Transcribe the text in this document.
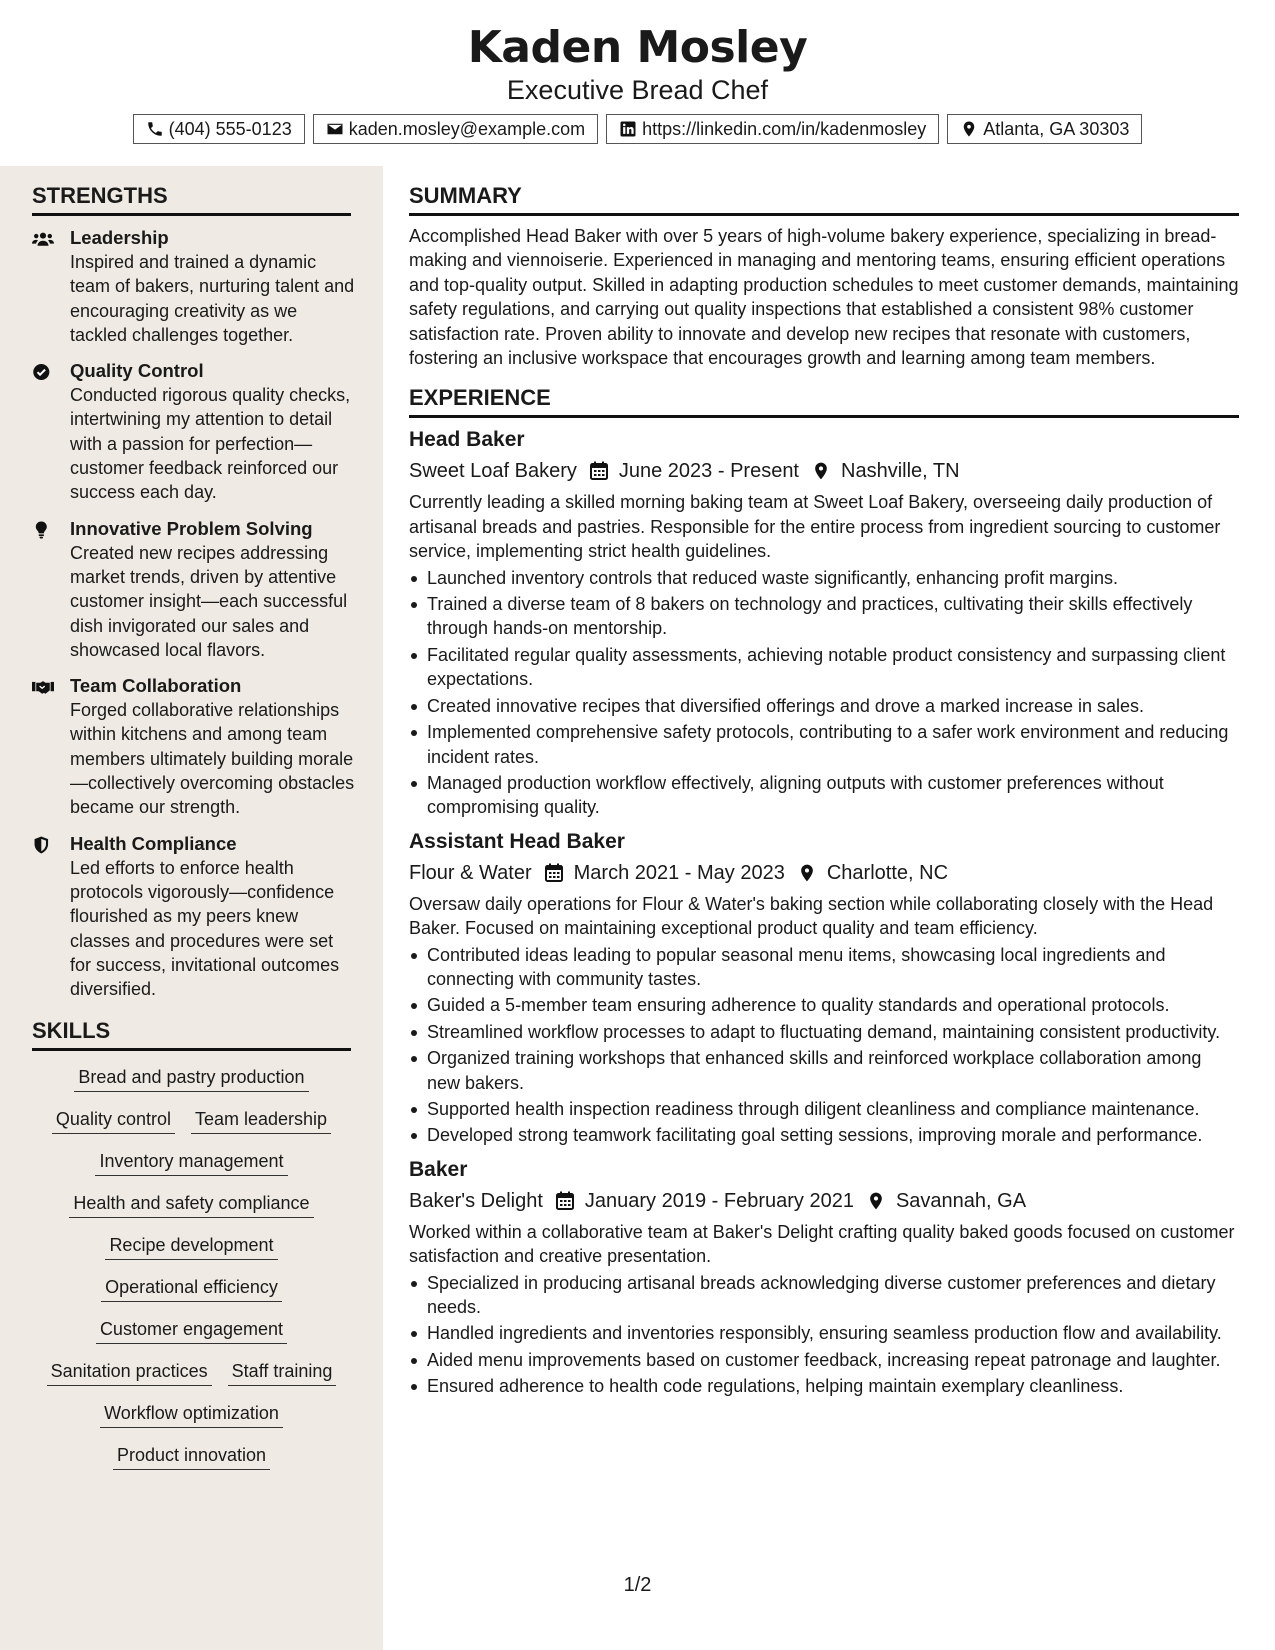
Kaden Mosley
Executive Bread Chef
(404) 555-0123	kaden.mosley@example.com	https://linkedin.com/in/kadenmosley	Atlanta, GA 30303
STRENGTHS
Leadership
Inspired and trained a dynamic team of bakers, nurturing talent and encouraging creativity as we tackled challenges together.
Quality Control
Conducted rigorous quality checks, intertwining my attention to detail with a passion for perfection—customer feedback reinforced our success each day.
Innovative Problem Solving
Created new recipes addressing market trends, driven by attentive customer insight—each successful dish invigorated our sales and showcased local flavors.
Team Collaboration
Forged collaborative relationships within kitchens and among team members ultimately building morale—collectively overcoming obstacles became our strength.
Health Compliance
Led efforts to enforce health protocols vigorously—confidence flourished as my peers knew classes and procedures were set for success, invitational outcomes diversified.
SKILLS
Bread and pastry production
Quality control Team leadership
Inventory management
Health and safety compliance
Recipe development
Operational efficiency
Customer engagement
Sanitation practices Staff training
Workflow optimization
Product innovation
SUMMARY
Accomplished Head Baker with over 5 years of high-volume bakery experience, specializing in bread-making and viennoiserie. Experienced in managing and mentoring teams, ensuring efficient operations and top-quality output. Skilled in adapting production schedules to meet customer demands, maintaining safety regulations, and carrying out quality inspections that established a consistent 98% customer satisfaction rate. Proven ability to innovate and develop new recipes that resonate with customers, fostering an inclusive workspace that encourages growth and learning among team members.
EXPERIENCE
Head Baker
Sweet Loaf Bakery June 2023 - Present Nashville, TN
Currently leading a skilled morning baking team at Sweet Loaf Bakery, overseeing daily production of artisanal breads and pastries. Responsible for the entire process from ingredient sourcing to customer service, implementing strict health guidelines.
Launched inventory controls that reduced waste significantly, enhancing profit margins.
Trained a diverse team of 8 bakers on technology and practices, cultivating their skills effectively through hands-on mentorship.
Facilitated regular quality assessments, achieving notable product consistency and surpassing client expectations.
Created innovative recipes that diversified offerings and drove a marked increase in sales.
Implemented comprehensive safety protocols, contributing to a safer work environment and reducing incident rates.
Managed production workflow effectively, aligning outputs with customer preferences without compromising quality.
Assistant Head Baker
Flour & Water March 2021 - May 2023 Charlotte, NC
Oversaw daily operations for Flour & Water's baking section while collaborating closely with the Head Baker. Focused on maintaining exceptional product quality and team efficiency.
Contributed ideas leading to popular seasonal menu items, showcasing local ingredients and connecting with community tastes.
Guided a 5-member team ensuring adherence to quality standards and operational protocols.
Streamlined workflow processes to adapt to fluctuating demand, maintaining consistent productivity.
Organized training workshops that enhanced skills and reinforced workplace collaboration among new bakers.
Supported health inspection readiness through diligent cleanliness and compliance maintenance.
Developed strong teamwork facilitating goal setting sessions, improving morale and performance.
Baker
Baker's Delight January 2019 - February 2021 Savannah, GA
Worked within a collaborative team at Baker's Delight crafting quality baked goods focused on customer satisfaction and creative presentation.
Specialized in producing artisanal breads acknowledging diverse customer preferences and dietary needs.
Handled ingredients and inventories responsibly, ensuring seamless production flow and availability.
Aided menu improvements based on customer feedback, increasing repeat patronage and laughter.
Ensured adherence to health code regulations, helping maintain exemplary cleanliness.
1/2
